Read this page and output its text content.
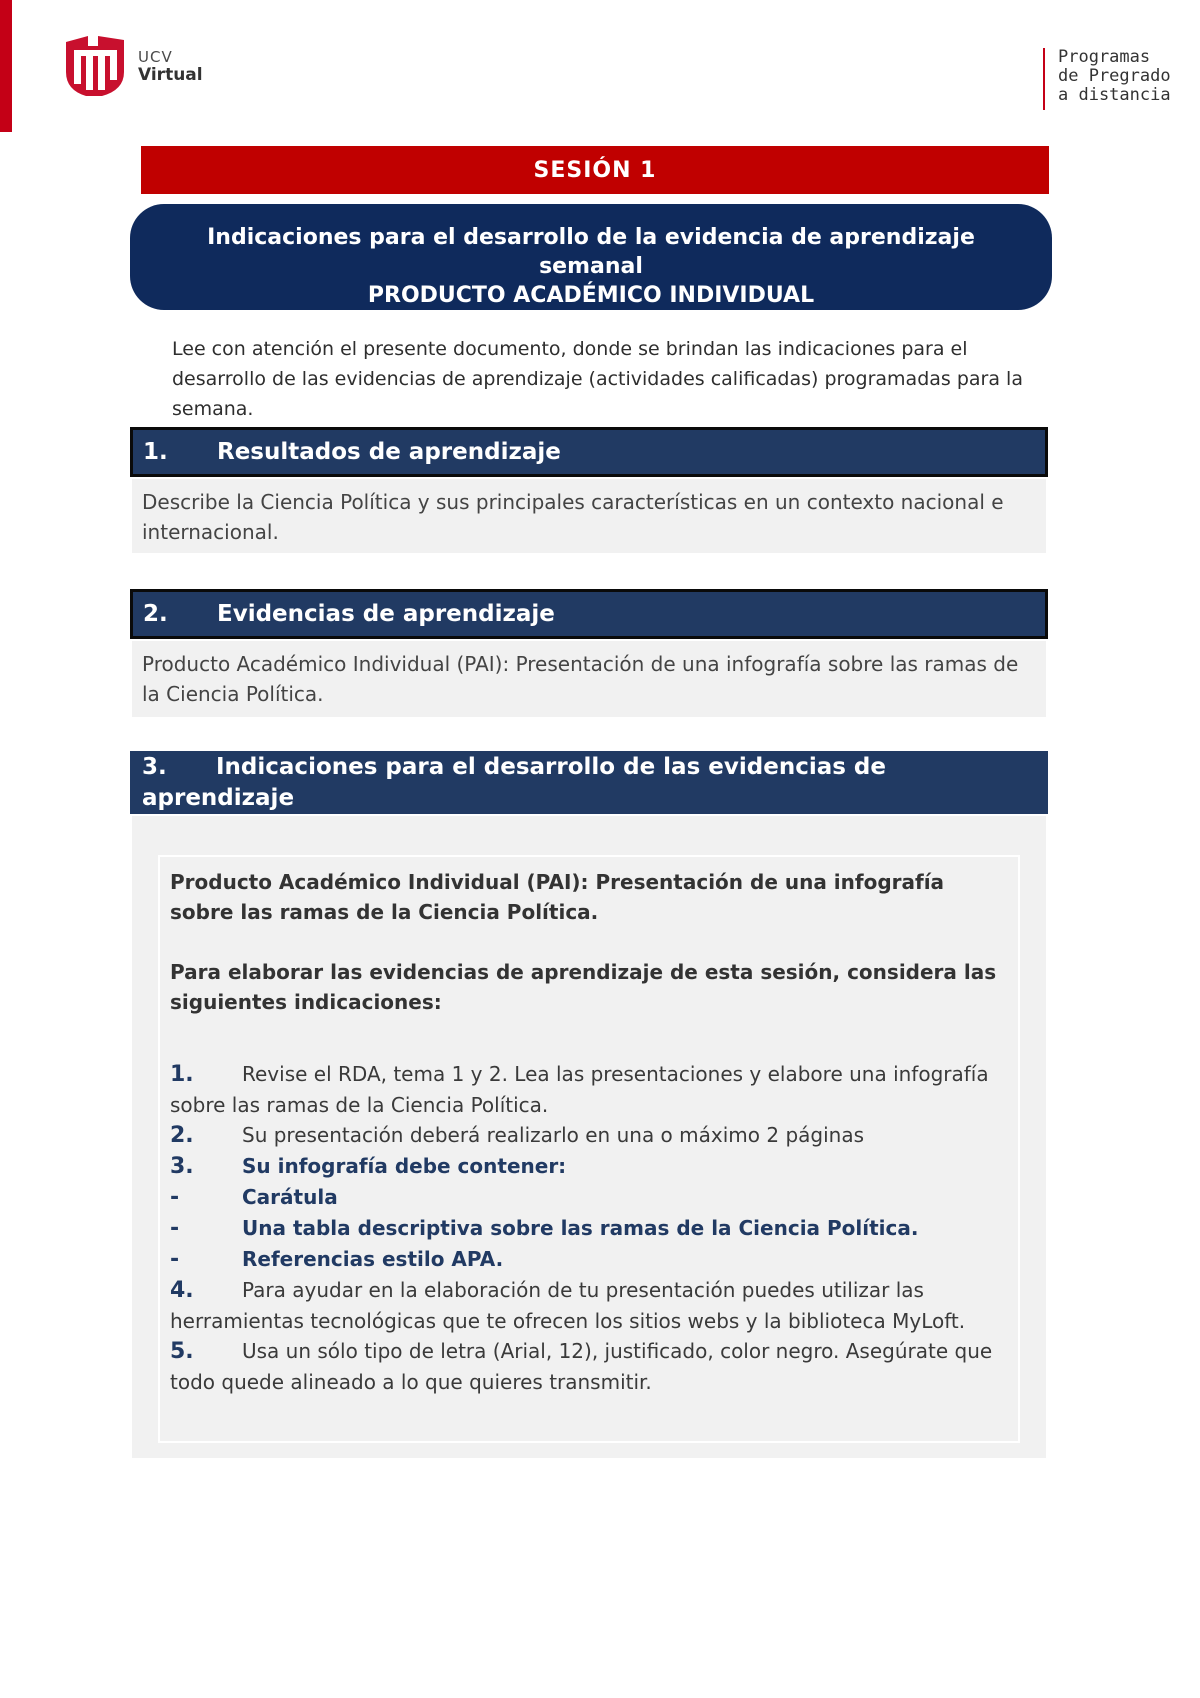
UCV
Virtual
Programas
de Pregrado
a distancia
SESIÓN 1
Indicaciones para el desarrollo de la evidencia de aprendizaje semanal
PRODUCTO ACADÉMICO INDIVIDUAL
Lee con atención el presente documento, donde se brindan las indicaciones para el desarrollo de las evidencias de aprendizaje (actividades calificadas) programadas para la semana.
1. Resultados de aprendizaje
Describe la Ciencia Política y sus principales características en un contexto nacional e internacional.
2. Evidencias de aprendizaje
Producto Académico Individual (PAI): Presentación de una infografía sobre las ramas de la Ciencia Política.
3. Indicaciones para el desarrollo de las evidencias de aprendizaje
Producto Académico Individual (PAI): Presentación de una infografía sobre las ramas de la Ciencia Política.
Para elaborar las evidencias de aprendizaje de esta sesión, considera las siguientes indicaciones:
1. Revise el RDA, tema 1 y 2. Lea las presentaciones y elabore una infografía sobre las ramas de la Ciencia Política.
2. Su presentación deberá realizarlo en una o máximo 2 páginas
3. Su infografía debe contener:
-	Carátula
-	Una tabla descriptiva sobre las ramas de la Ciencia Política.
-	Referencias estilo APA.
4. Para ayudar en la elaboración de tu presentación puedes utilizar las herramientas tecnológicas que te ofrecen los sitios webs y la biblioteca MyLoft.
5. Usa un sólo tipo de letra (Arial, 12), justificado, color negro. Asegúrate que todo quede alineado a lo que quieres transmitir.
